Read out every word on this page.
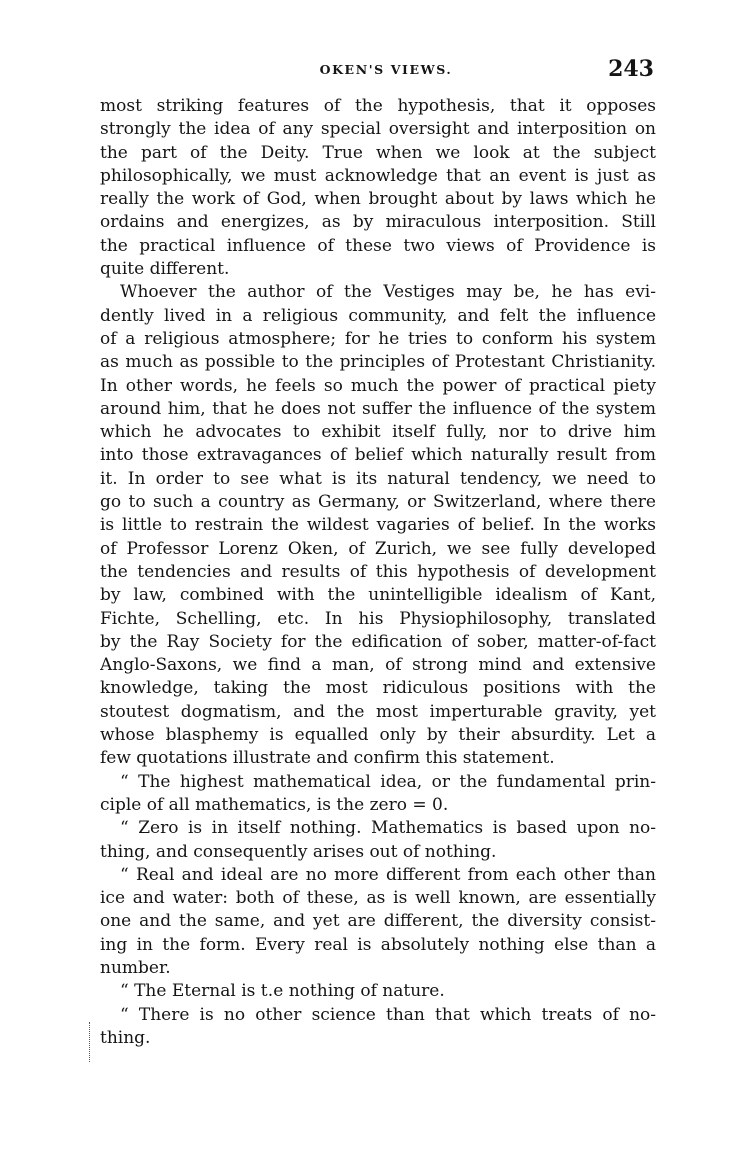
OKEN'S VIEWS.	243
most striking features of the hypothesis, that it opposes
strongly the idea of any special oversight and interposition on
the part of the Deity. True when we look at the subject
philosophically, we must acknowledge that an event is just as
really the work of God, when brought about by laws which he
ordains and energizes, as by miraculous interposition. Still
the practical influence of these two views of Providence is
quite different.
Whoever the author of the Vestiges may be, he has evi-
dently lived in a religious community, and felt the influence
of a religious atmosphere; for he tries to conform his system
as much as possible to the principles of Protestant Christianity.
In other words, he feels so much the power of practical piety
around him, that he does not suffer the influence of the system
which he advocates to exhibit itself fully, nor to drive him
into those extravagances of belief which naturally result from
it. In order to see what is its natural tendency, we need to
go to such a country as Germany, or Switzerland, where there
is little to restrain the wildest vagaries of belief. In the works
of Professor Lorenz Oken, of Zurich, we see fully developed
the tendencies and results of this hypothesis of development
by law, combined with the unintelligible idealism of Kant,
Fichte, Schelling, etc. In his Physiophilosophy, translated
by the Ray Society for the edification of sober, matter-of-fact
Anglo-Saxons, we find a man, of strong mind and extensive
knowledge, taking the most ridiculous positions with the
stoutest dogmatism, and the most imperturable gravity, yet
whose blasphemy is equalled only by their absurdity. Let a
few quotations illustrate and confirm this statement.
“ The highest mathematical idea, or the fundamental prin-
ciple of all mathematics, is the zero = 0.
“ Zero is in itself nothing. Mathematics is based upon no-
thing, and consequently arises out of nothing.
“ Real and ideal are no more different from each other than
ice and water: both of these, as is well known, are essentially
one and the same, and yet are different, the diversity consist-
ing in the form. Every real is absolutely nothing else than a
number.
“ The Eternal is t․e nothing of nature.
“ There is no other science than that which treats of no-
thing.
